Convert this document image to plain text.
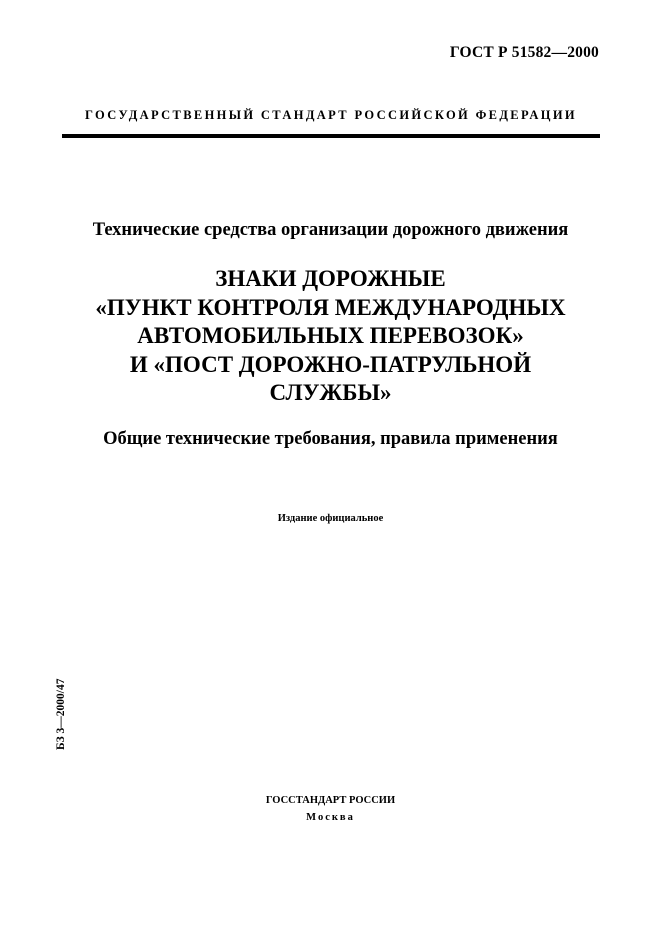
ГОСТ Р 51582—2000
ГОСУДАРСТВЕННЫЙ СТАНДАРТ РОССИЙСКОЙ ФЕДЕРАЦИИ
Технические средства организации дорожного движения
ЗНАКИ ДОРОЖНЫЕ
«ПУНКТ КОНТРОЛЯ МЕЖДУНАРОДНЫХ
АВТОМОБИЛЬНЫХ ПЕРЕВОЗОК»
И «ПОСТ ДОРОЖНО-ПАТРУЛЬНОЙ
СЛУЖБЫ»
Общие технические требования, правила применения
Издание официальное
БЗ 3—2000/47
ГОССТАНДАРТ РОССИИ
Москва
